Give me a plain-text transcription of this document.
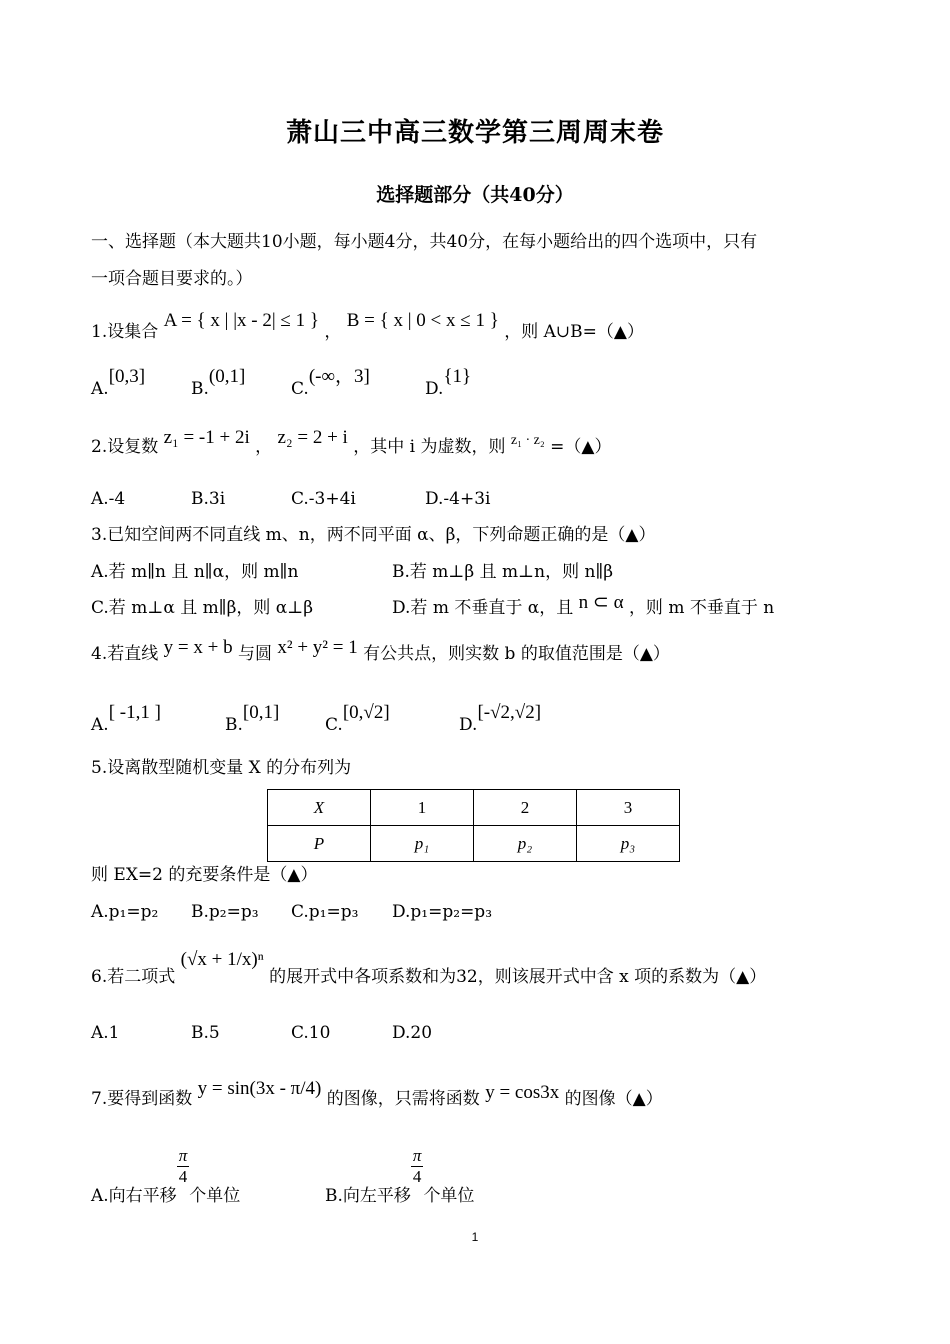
萧山三中高三数学第三周周末卷
选择题部分（共40分）
一、选择题（本大题共10小题，每小题4分，共40分，在每小题给出的四个选项中，只有
一项合题目要求的。）
1.设集合 A = { x | |x - 2| ≤ 1 } ， B = { x | 0 < x ≤ 1 } ，则 A∪B=（▲）
A.[0,3]
B.(0,1]
C.(-∞，3]
D.{1}
2.设复数 z₁ = -1 + 2i ， z₂ = 2 + i ，其中 i 为虚数，则 $^{z_1 \cdot z_2}$ =（▲）
A.-4	B.3i	C.-3+4i	D.-4+3i
3.已知空间两不同直线 m、n，两不同平面 α、β，下列命题正确的是（▲）
A.若 m∥n 且 n∥α，则 m∥n	B.若 m⊥β 且 m⊥n，则 n∥β
C.若 m⊥α 且 m∥β，则 α⊥β	D.若 m 不垂直于 α，且 n ⊂ α ，则 m 不垂直于 n
4.若直线 y = x + b 与圆 x² + y² = 1 有公共点，则实数 b 的取值范围是（▲）
A.[ -1,1 ]
B.[0,1]
C.[0,√2]
D.[-√2,√2]
5.设离散型随机变量 X 的分布列为
X	1	2	3
P	p₁	p₂	p₃
则 EX=2 的充要条件是（▲）
A.p₁=p₂ B.p₂=p₃ C.p₁=p₃ D.p₁=p₂=p₃
6.若二项式 (√x + 1/x)ⁿ 的展开式中各项系数和为32，则该展开式中含 x 项的系数为（▲）
A.1	B.5	C.10	D.20
7.要得到函数 y = sin(3x - π/4) 的图像，只需将函数 y = cos3x 的图像（▲）
A.向右平移
$\frac{\pi}{4}$
个单位	B.向左平移
$\frac{\pi}{4}$
个单位
1
